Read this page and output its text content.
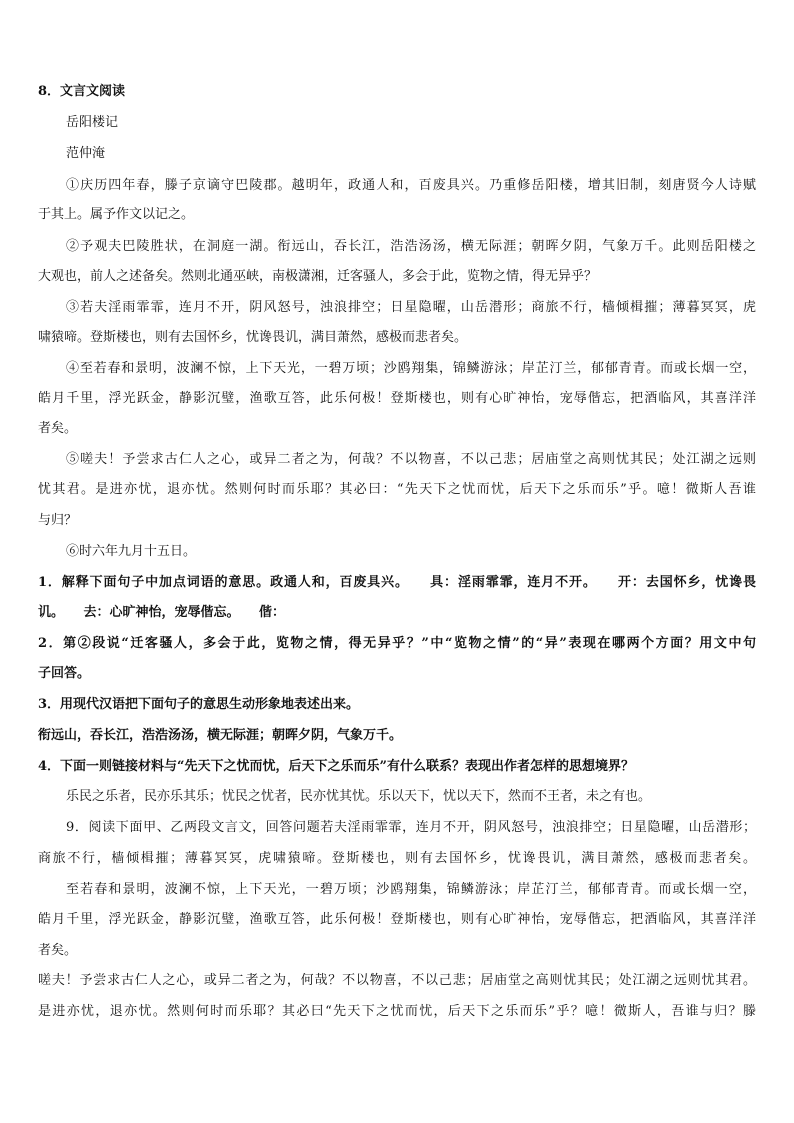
8．文言文阅读
岳阳楼记
范仲淹
①庆历四年春，滕子京谪守巴陵郡。越明年，政通人和，百废具兴。乃重修岳阳楼，增其旧制，刻唐贤今人诗赋
于其上。属予作文以记之。
②予观夫巴陵胜状，在洞庭一湖。衔远山，吞长江，浩浩汤汤，横无际涯；朝晖夕阴，气象万千。此则岳阳楼之
大观也，前人之述备矣。然则北通巫峡，南极潇湘，迁客骚人，多会于此，览物之情，得无异乎？
③若夫淫雨霏霏，连月不开，阴风怒号，浊浪排空；日星隐曜，山岳潜形；商旅不行，樯倾楫摧；薄暮冥冥，虎
啸猿啼。登斯楼也，则有去国怀乡，忧谗畏讥，满目萧然，感极而悲者矣。
④至若春和景明，波澜不惊，上下天光，一碧万顷；沙鸥翔集，锦鳞游泳；岸芷汀兰，郁郁青青。而或长烟一空，
皓月千里，浮光跃金，静影沉璧，渔歌互答，此乐何极！登斯楼也，则有心旷神怡，宠辱偕忘，把酒临风，其喜洋洋
者矣。
⑤嗟夫！予尝求古仁人之心，或异二者之为，何哉？不以物喜，不以己悲；居庙堂之高则忧其民；处江湖之远则
忧其君。是进亦忧，退亦忧。然则何时而乐耶？其必曰：“先天下之忧而忧，后天下之乐而乐”乎。噫！微斯人吾谁
与归？
⑥时六年九月十五日。
1．解释下面句子中加点词语的意思。政通人和，百废具兴。　　具：淫雨霏霏，连月不开。　　开：去国怀乡，忧谗畏
讥。　　去：心旷神怡，宠辱偕忘。　　偕：
2．第②段说“迁客骚人，多会于此，览物之情，得无异乎？”中“览物之情”的“异”表现在哪两个方面？用文中句
子回答。
3．用现代汉语把下面句子的意思生动形象地表述出来。
衔远山，吞长江，浩浩汤汤，横无际涯；朝晖夕阴，气象万千。
4．下面一则链接材料与“先天下之忧而忧，后天下之乐而乐”有什么联系？表现出作者怎样的思想境界？
乐民之乐者，民亦乐其乐；忧民之忧者，民亦忧其忧。乐以天下，忧以天下，然而不王者，未之有也。
9．阅读下面甲、乙两段文言文，回答问题若夫淫雨霏霏，连月不开，阴风怒号，浊浪排空；日星隐曜，山岳潜形；
商旅不行，樯倾楫摧；薄暮冥冥，虎啸猿啼。登斯楼也，则有去国怀乡，忧谗畏讥，满目萧然，感极而悲者矣。
至若春和景明，波澜不惊，上下天光，一碧万顷；沙鸥翔集，锦鳞游泳；岸芷汀兰，郁郁青青。而或长烟一空，
皓月千里，浮光跃金，静影沉璧，渔歌互答，此乐何极！登斯楼也，则有心旷神怡，宠辱偕忘，把酒临风，其喜洋洋
者矣。
嗟夫！予尝求古仁人之心，或异二者之为，何哉？不以物喜，不以己悲；居庙堂之高则忧其民；处江湖之远则忧其君。
是进亦忧，退亦忧。然则何时而乐耶？其必曰“先天下之忧而忧，后天下之乐而乐”乎？噫！微斯人，吾谁与归？滕
